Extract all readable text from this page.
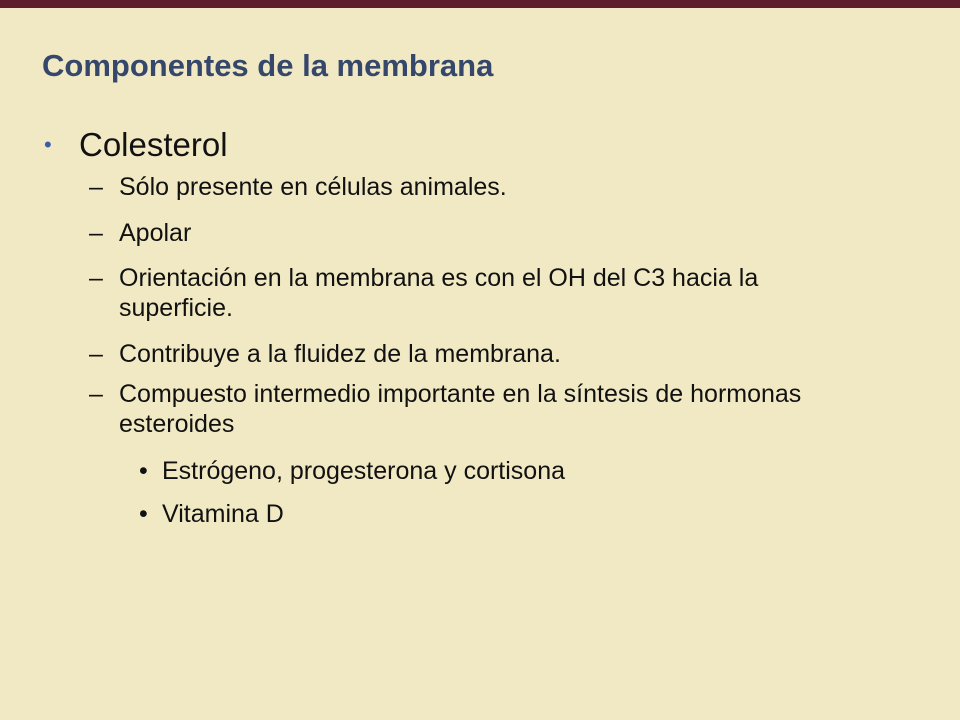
Componentes de la membrana
• Colesterol
– Sólo presente en células animales.
– Apolar
– Orientación en la membrana es con el OH del C3 hacia la superficie.
– Contribuye a la fluidez de la membrana.
– Compuesto intermedio importante en la síntesis de hormonas esteroides
• Estrógeno, progesterona y cortisona
• Vitamina D
